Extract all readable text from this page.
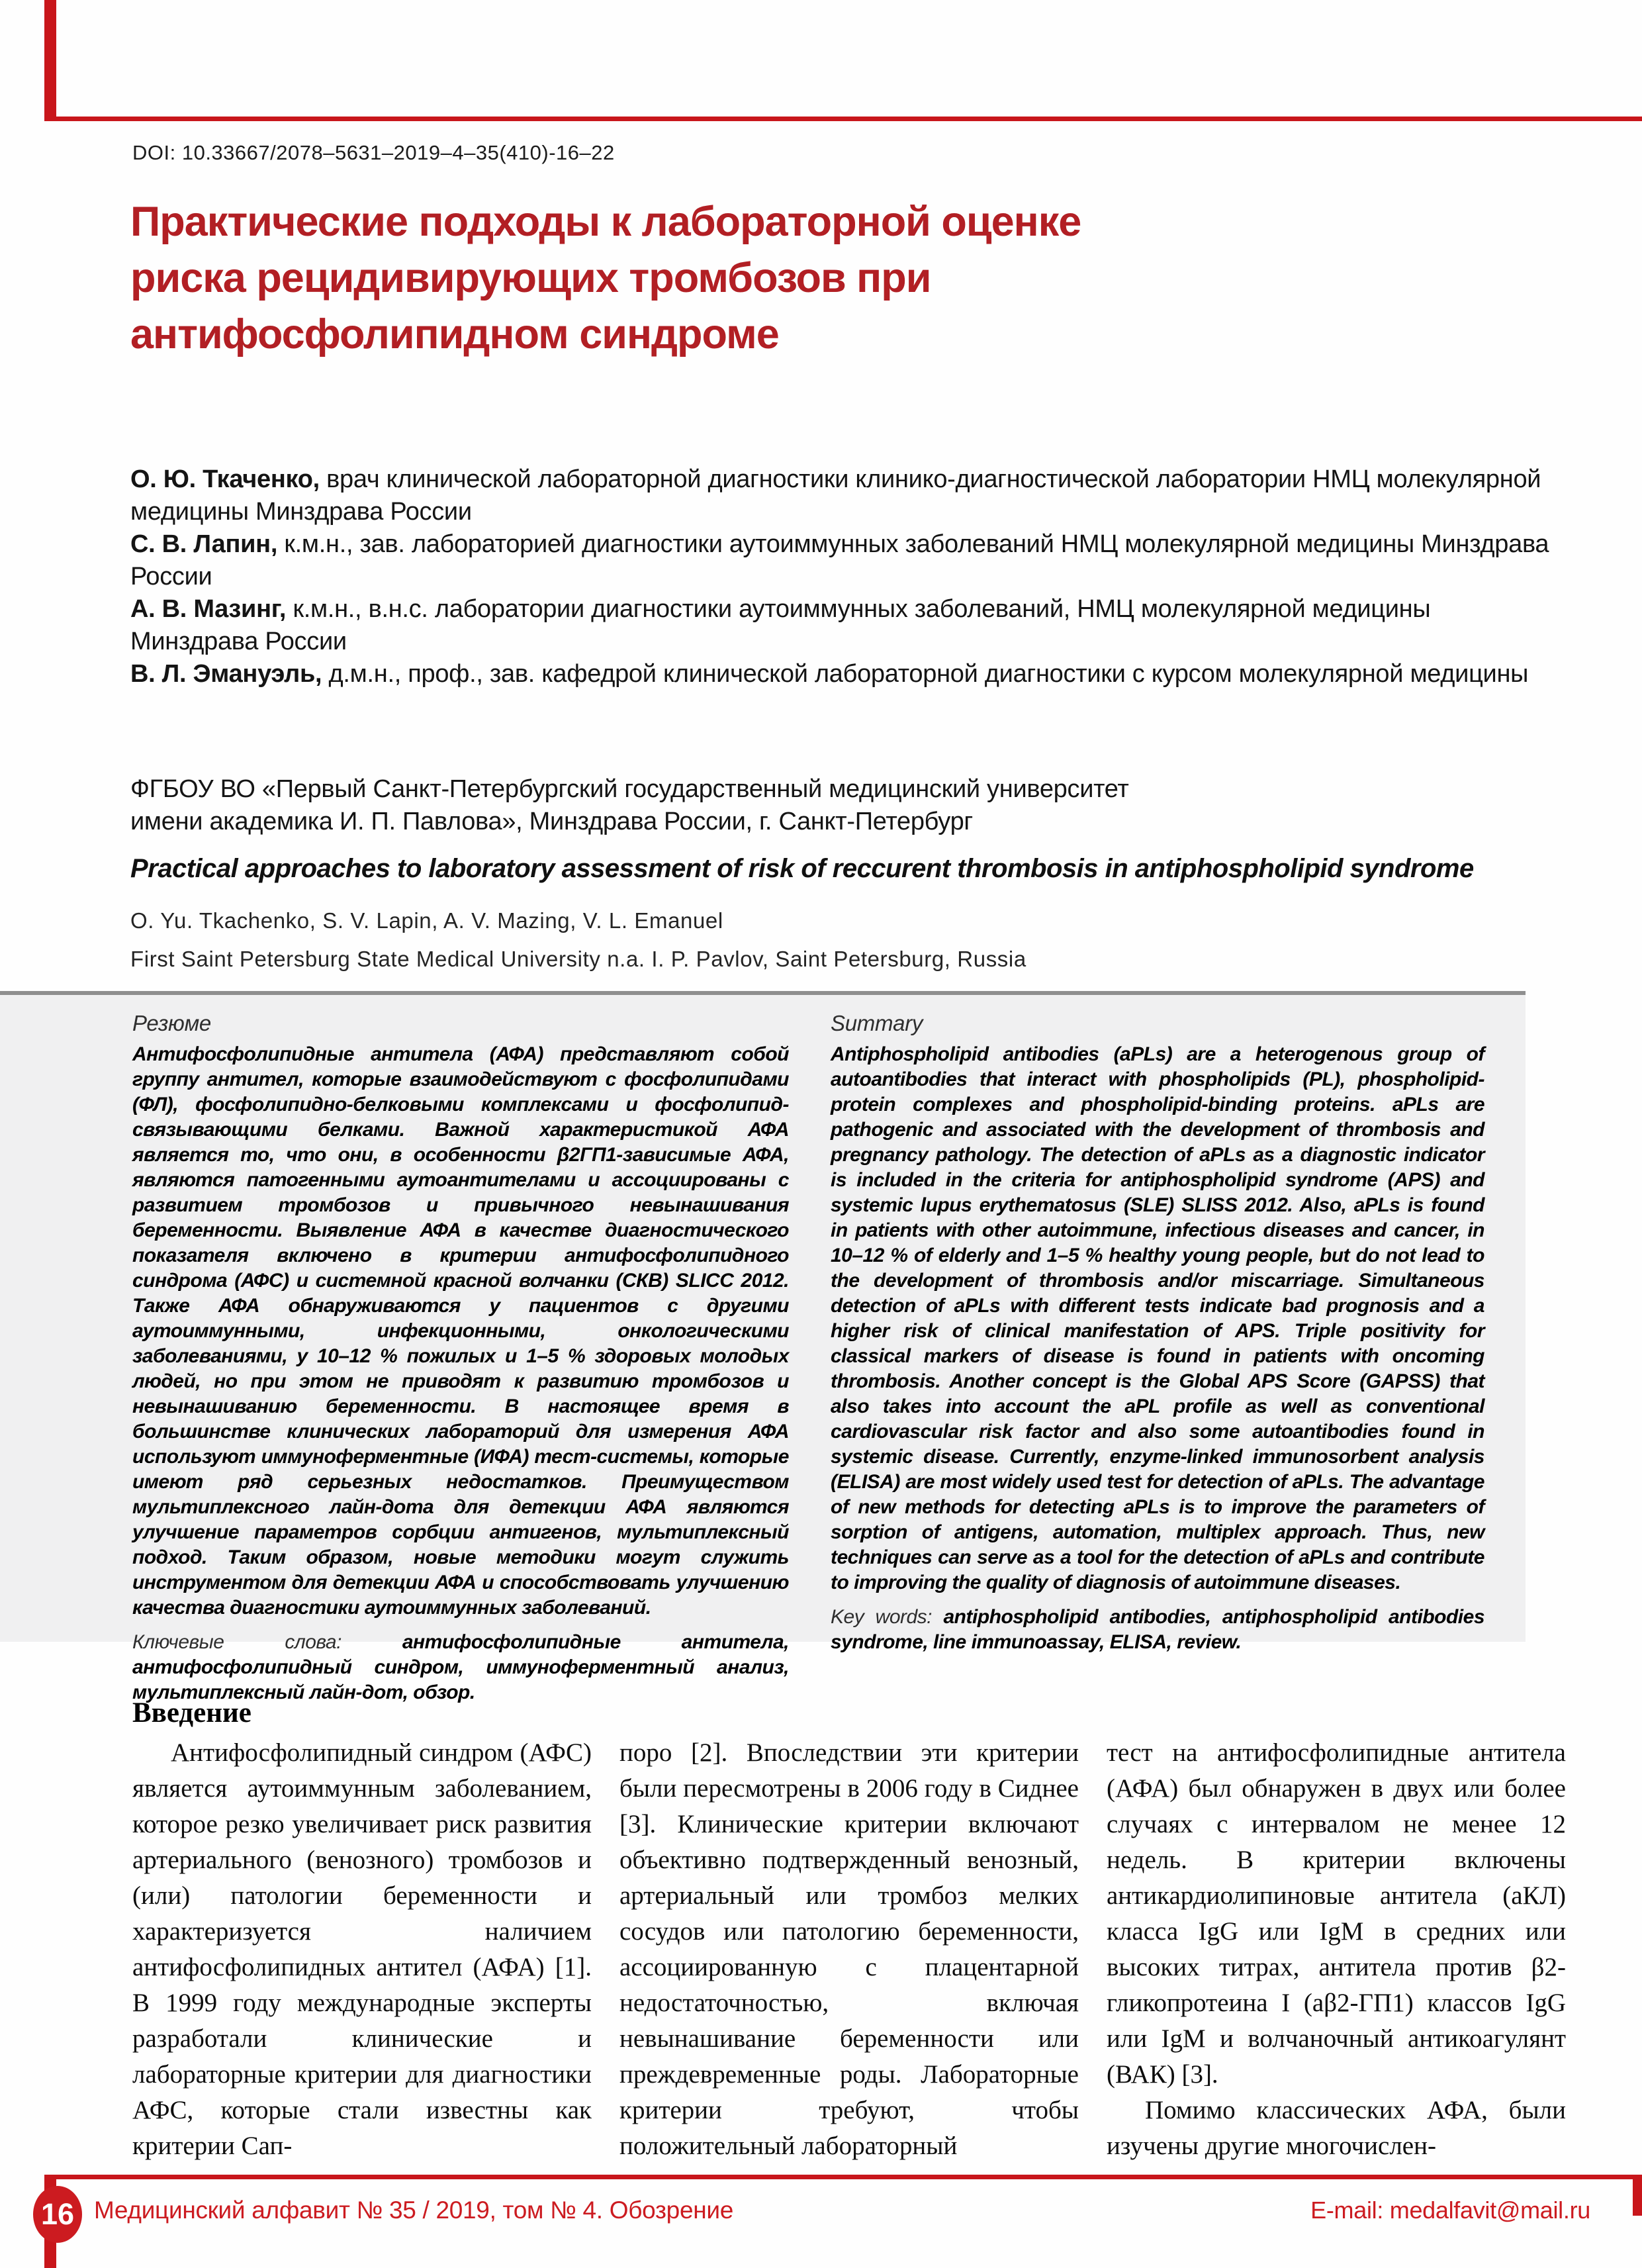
DOI: 10.33667/2078–5631–2019–4–35(410)-16–22
Практические подходы к лабораторной оценке
риска рецидивирующих тромбозов при
антифосфолипидном синдроме

О. Ю. Ткаченко, врач клинической лабораторной диагностики клинико-диагностической лаборатории НМЦ молекулярной медицины Минздрава России

С. В. Лапин, к.м.н., зав. лабораторией диагностики аутоиммунных заболеваний НМЦ молекулярной медицины Минздрава России

А. В. Мазинг, к.м.н., в.н.с. лаборатории диагностики аутоиммунных заболеваний, НМЦ молекулярной медицины Минздрава России

В. Л. Эмануэль, д.м.н., проф., зав. кафедрой клинической лабораторной диагностики с курсом молекулярной медицины

ФГБОУ ВО «Первый Санкт-Петербургский государственный медицинский университет
имени академика И. П. Павлова», Минздрава России, г. Санкт-Петербург
Practical approaches to laboratory assessment of risk of reccurent thrombosis in antiphospholipid syndrome
O. Yu. Tkachenko, S. V. Lapin, A. V. Mazing, V. L. Emanuel
First Saint Petersburg State Medical University n.a. I. P. Pavlov, Saint Petersburg, Russia
Резюме
Антифосфолипидные антитела (АФА) представляют собой группу антител, которые взаимодействуют с фосфолипидами (ФЛ), фосфолипидно-белковыми комплексами и фосфолипид-связывающими белками. Важной характеристикой АФА является то, что они, в особенности β2ГП1-зависимые АФА, являются патогенными аутоантителами и ассоциированы с развитием тромбозов и привычного невынашивания беременности. Выявление АФА в качестве диагностического показателя включено в критерии антифосфолипидного синдрома (АФС) и системной красной волчанки (СКВ) SLICC 2012. Также АФА обнаруживаются у пациентов с другими аутоиммунными, инфекционными, онкологическими заболеваниями, у 10–12 % пожилых и 1–5 % здоровых молодых людей, но при этом не приводят к развитию тромбозов и невынашиванию беременности. В настоящее время в большинстве клинических лабораторий для измерения АФА используют иммуноферментные (ИФА) тест-системы, которые имеют ряд серьезных недостатков. Преимуществом мультиплексного лайн-дота для детекции АФА являются улучшение параметров сорбции антигенов, мультиплексный подход. Таким образом, новые методики могут служить инструментом для детекции АФА и способствовать улучшению качества диагностики аутоиммунных заболеваний.
Ключевые слова: антифосфолипидные антитела, антифосфолипидный синдром, иммуноферментный анализ, мультиплексный лайн-дот, обзор.
Summary
Antiphospholipid antibodies (aPLs) are a heterogenous group of autoantibodies that interact with phospholipids (PL), phospholipid-protein complexes and phospholipid-binding proteins. aPLs are pathogenic and associated with the development of thrombosis and pregnancy pathology. The detection of aPLs as a diagnostic indicator is included in the criteria for antiphospholipid syndrome (APS) and systemic lupus erythematosus (SLE) SLISS 2012. Also, aPLs is found in patients with other autoimmune, infectious diseases and cancer, in 10–12 % of elderly and 1–5 % healthy young people, but do not lead to the development of thrombosis and/or miscarriage. Simultaneous detection of aPLs with different tests indicate bad prognosis and a higher risk of clinical manifestation of APS. Triple positivity for classical markers of disease is found in patients with oncoming thrombosis. Another concept is the Global APS Score (GAPSS) that also takes into account the aPL profile as well as conventional cardiovascular risk factor and also some autoantibodies found in systemic disease. Currently, enzyme-linked immunosorbent analysis (ELISA) are most widely used test for detection of aPLs. The advantage of new methods for detecting aPLs is to improve the parameters of sorption of antigens, automation, multiplex approach. Thus, new techniques can serve as a tool for the detection of aPLs and contribute to improving the quality of diagnosis of autoimmune diseases.
Key words: antiphospholipid antibodies, antiphospholipid antibodies syndrome, line immunoassay, ELISA, review.
Введение

Антифосфолипидный синдром (АФС) является аутоиммунным заболеванием, которое резко увеличивает риск развития артериального (венозного) тромбозов и (или) патологии беременности и характеризуется наличием антифосфолипидных антител (АФА) [1]. В 1999 году международные эксперты разработали клинические и лабораторные критерии для диагностики АФС, которые стали известны как критерии Сап-

поро [2]. Впоследствии эти критерии были пересмотрены в 2006 году в Сиднее [3]. Клинические критерии включают объективно подтвержденный венозный, артериальный или тромбоз мелких сосудов или патологию беременности, ассоциированную с плацентарной недостаточностью, включая невынашивание беременности или преждевременные роды. Лабораторные критерии требуют, чтобы положительный лабораторный

тест на антифосфолипидные антитела (АФА) был обнаружен в двух или более случаях с интервалом не менее 12 недель. В критерии включены антикардиолипиновые антитела (аКЛ) класса IgG или IgM в средних или высоких титрах, антитела против β2-гликопротеина I (аβ2-ГП1) классов IgG или IgM и волчаночный антикоагулянт (ВАК) [3].

Помимо классических АФА, были изучены другие многочислен-

16 Медицинский алфавит № 35 / 2019, том № 4. Обозрение	E-mail: medalfavit@mail.ru
